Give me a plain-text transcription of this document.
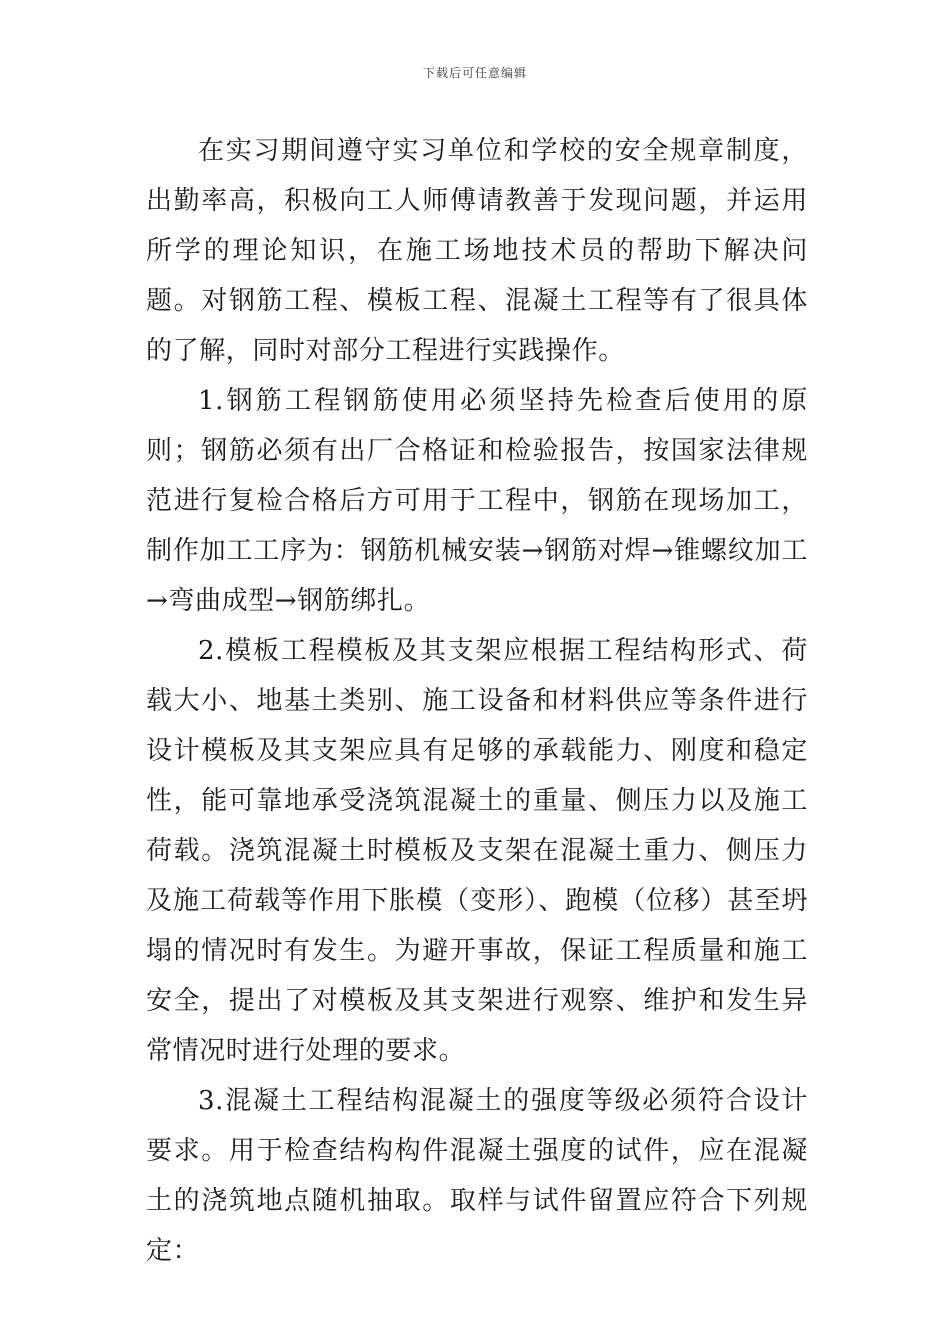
下载后可任意编辑

在实习期间遵守实习单位和学校的安全规章制度，出勤率高，积极向工人师傅请教善于发现问题，并运用所学的理论知识，在施工场地技术员的帮助下解决问题。对钢筋工程、模板工程、混凝土工程等有了很具体的了解，同时对部分工程进行实践操作。

1.钢筋工程钢筋使用必须坚持先检查后使用的原则；钢筋必须有出厂合格证和检验报告，按国家法律规范进行复检合格后方可用于工程中，钢筋在现场加工，制作加工工序为：钢筋机械安装→钢筋对焊→锥螺纹加工→弯曲成型→钢筋绑扎。

2.模板工程模板及其支架应根据工程结构形式、荷载大小、地基土类别、施工设备和材料供应等条件进行设计模板及其支架应具有足够的承载能力、刚度和稳定性，能可靠地承受浇筑混凝土的重量、侧压力以及施工荷载。浇筑混凝土时模板及支架在混凝土重力、侧压力及施工荷载等作用下胀模（变形）、跑模（位移）甚至坍塌的情况时有发生。为避开事故，保证工程质量和施工安全，提出了对模板及其支架进行观察、维护和发生异常情况时进行处理的要求。

3.混凝土工程结构混凝土的强度等级必须符合设计要求。用于检查结构构件混凝土强度的试件，应在混凝土的浇筑地点随机抽取。取样与试件留置应符合下列规定：
